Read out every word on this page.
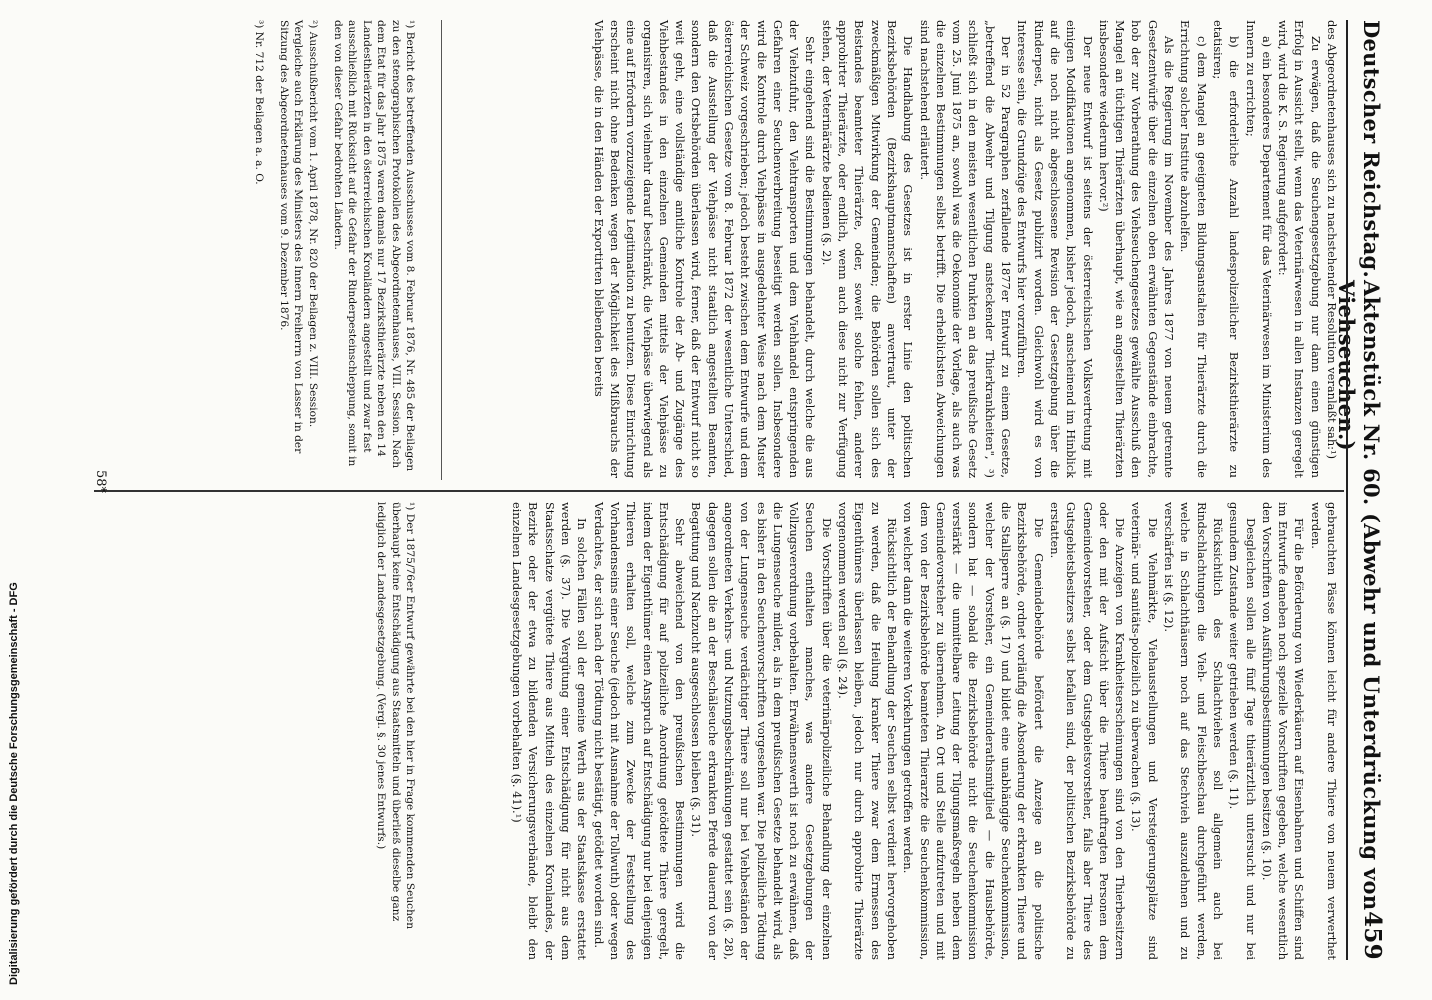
Deutscher Reichstag.
Aktenstück Nr. 60. (Abwehr und Unterdrückung von Viehseuchen.)
459

des Abgeordnetenhauses sich zu nachstehender Resolution veranlaßt sah:¹)

Zu erwägen, daß die Seuchengesetzgebung nur dann einen günstigen Erfolg in Aussicht stellt, wenn das Veterinärwesen in allen Instanzen geregelt wird, wird die K. S. Regierung aufgefordert:

a) ein besonderes Departement für das Veterinärwesen im Ministerium des Innern zu errichten;

b) die erforderliche Anzahl landespolizeilicher Bezirksthierärzte zu etatisiren;

c) dem Mangel an geeigneten Bildungsanstalten für Thierärzte durch die Errichtung solcher Institute abzuhelfen.

Als die Regierung im November des Jahres 1877 von neuem getrennte Gesetzentwürfe über die einzelnen oben erwähnten Gegenstände einbrachte, hob der zur Vorberathung des Viehseuchengesetzes gewählte Ausschuß den Mangel an tüchtigen Thierärzten überhaupt, wie an angestellten Thierärzten insbesondere wiederum hervor.²)

Der neue Entwurf ist seitens der österreichischen Volksvertretung mit einigen Modifikationen angenommen, bisher jedoch, anscheinend im Hinblick auf die noch nicht abgeschlossene Revision der Gesetzgebung über die Rinderpest, nicht als Gesetz publizirt worden. Gleichwohl wird es von Interesse sein, die Grundzüge des Entwurfs hier vorzuführen.

Der in 52 Paragraphen zerfallende 1877er Entwurf zu einem Gesetze, „betreffend die Abwehr und Tilgung ansteckender Thierkrankheiten", ³) schließt sich in den meisten wesentlichen Punkten an das preußische Gesetz vom 25. Juni 1875 an, sowohl was die Oekonomie der Vorlage, als auch was die einzelnen Bestimmungen selbst betrifft. Die erheblichsten Abweichungen sind nachstehend erläutert.

Die Handhabung des Gesetzes ist in erster Linie den politischen Bezirksbehörden (Bezirkshauptmannschaften) anvertraut, unter der zweckmäßigen Mitwirkung der Gemeinden; die Behörden sollen sich des Beistandes beamteter Thierärzte, oder, soweit solche fehlen, anderer approbirter Thierärzte, oder endlich, wenn auch diese nicht zur Verfügung stehen, der Veterinärärzte bedienen (§. 2).

Sehr eingehend sind die Bestimmungen behandelt, durch welche die aus der Viehzufuhr, den Viehtransporten und dem Viehhandel entspringenden Gefahren einer Seuchenverbreitung beseitigt werden sollen. Insbesondere wird die Kontrole durch Viehpässe in ausgedehnter Weise nach dem Muster der Schweiz vorgeschrieben; jedoch besteht zwischen dem Entwurfe und dem österreichischen Gesetze vom 8. Februar 1872 der wesentliche Unterschied, daß die Ausstellung der Viehpässe nicht staatlich angestellten Beamten, sondern den Ortsbehörden überlassen wird, ferner, daß der Entwurf nicht so weit geht, eine vollständige amtliche Kontrole der Ab- und Zugänge des Viehbestandes in den einzelnen Gemeinden mittels der Viehpässe zu organisiren, sich vielmehr darauf beschränkt, die Viehpässe überwiegend als eine auf Erfordern vorzuzeigende Legitimation zu benutzen. Diese Einrichtung erscheint nicht ohne Bedenken wegen der Möglichkeit des Mißbrauchs der Viehpässe, die in den Händen der Exportirten bleibenden bereits

gebrauchten Pässe können leicht für andere Thiere von neuem verwerthet werden.

Für die Beförderung von Wiederkäuern auf Eisenbahnen und Schiffen sind im Entwurfe daneben noch spezielle Vorschriften gegeben, welche wesentlich den Vorschriften von Ausführungsbestimmungen besitzen (§. 10).

Desgleichen sollen alle fünf Tage thierärztlich untersucht und nur bei gesundem Zustande weiter getrieben werden (§. 11).

Rücksichtlich des Schlachtviehes soll allgemein auch bei Rindschlachtungen die Vieh- und Fleischbeschau durchgeführt werden, welche in Schlachthäusern noch auf das Stechvieh auszudehnen und zu verschärfen ist (§. 12).

Die Viehmärkte, Viehausstellungen und Versteigerungsplätze sind veterinär- und sanitäts-polizeilich zu überwachen (§. 13).

Die Anzeigen von Krankheitserscheinungen sind von den Thierbesitzern oder den mit der Aufsicht über die Thiere beauftragten Personen dem Gemeindevorsteher, oder dem Gutsgebietsvorsteher, falls aber Thiere des Gutsgebietsbesitzers selbst befallen sind, der politischen Bezirksbehörde zu erstatten.

Die Gemeindebehörde befördert die Anzeige an die politische Bezirksbehörde, ordnet vorläufig die Absonderung der erkrankten Thiere und die Stallsperre an (§. 17) und bildet eine unabhängige Seuchenkommission, welcher der Vorsteher, ein Gemeinderathsmitglied — die Hausbehörde, sondern hat — sobald die Bezirksbehörde nicht die Seuchenkommission verstärkt — die unmittelbare Leitung der Tilgungsmaßregeln neben dem Gemeindevorsteher zu übernehmen. An Ort und Stelle aufzutreten und mit dem von der Bezirksbehörde beamteten Thierarzte die Seuchenkommission, von welcher dann die weiteren Vorkehrungen getroffen werden.

Rücksichtlich der Behandlung der Seuchen selbst verdient hervorgehoben zu werden, daß die Heilung kranker Thiere zwar dem Ermessen des Eigenthümers überlassen bleiben, jedoch nur durch approbirte Thierärzte vorgenommen werden soll (§. 24).

Die Vorschriften über die veterinärpolizeiliche Behandlung der einzelnen Seuchen enthalten manches, was andere Gesetzgebungen der Vollzugsverordnung vorbehalten. Erwähnenswerth ist noch zu erwähnen, daß die Lungenseuche milder, als in dem preußischen Gesetze behandelt wird, als es bisher in den Seuchenvorschriften vorgesehen war. Die polizeiliche Tödtung von der Lungenseuche verdächtiger Thiere soll nur bei Viehbeständen der angeordneten Verkehrs- und Nutzungsbeschränkungen gestattet sein (§. 28), dagegen sollen die an der Beschälseuche erkrankten Pferde dauernd von der Begattung und Nachzucht ausgeschlossen bleiben (§. 31).

Sehr abweichend von den preußischen Bestimmungen wird die Entschädigung für auf polizeiliche Anordnung getödtete Thiere geregelt, indem der Eigenthümer einen Anspruch auf Entschädigung nur bei denjenigen Thieren erhalten soll, welche zum Zwecke der Feststellung des Vorhandenseins einer Seuche (jedoch mit Ausnahme der Tollwuth) oder wegen Verdachtes, der sich nach der Tödtung nicht bestätigt, getödtet worden sind.

In solchen Fällen soll der gemeine Werth aus der Staatskasse erstattet werden (§. 37). Die Vergütung einer Entschädigung für nicht aus dem Staatsschatze vergütete Thiere aus Mitteln des einzelnen Kronlandes, der Bezirke oder der etwa zu bildenden Versicherungsverbände, bleibt den einzelnen Landesgesetzgebungen vorbehalten (§. 41).¹)

¹) Bericht des betreffenden Ausschusses vom 8. Februar 1876, Nr. 485 der Beilagen zu den stenographischen Protokollen des Abgeordnetenhauses, VIII. Session. Nach dem Etat für das Jahr 1875 waren damals nur 17 Bezirksthierärzte neben den 14 Landesthierärzten in den österreichischen Kronländern angestellt und zwar fast ausschließlich mit Rücksicht auf die Gefahr der Rinderpesteinschleppung, somit in den von dieser Gefahr bedrohten Ländern.

²) Ausschußbericht vom 1. April 1878, Nr. 820 der Beilagen z. VIII. Session. Vergleiche auch Erklärung des Ministers des Innern Freiherrn von Lasser in der Sitzung des Abgeordnetenhauses vom 9. Dezember 1876.

³) Nr. 712 der Beilagen a. a. O.

¹) Der 1875/76er Entwurf gewährte bei den hier in Frage kommenden Seuchen überhaupt keine Entschädigung aus Staatsmitteln und überließ dieselbe ganz lediglich der Landesgesetzgebung. (Vergl. §. 30 jenes Entwurfs.)

58*
Digitalisierung gefördert durch die Deutsche Forschungsgemeinschaft - DFG
